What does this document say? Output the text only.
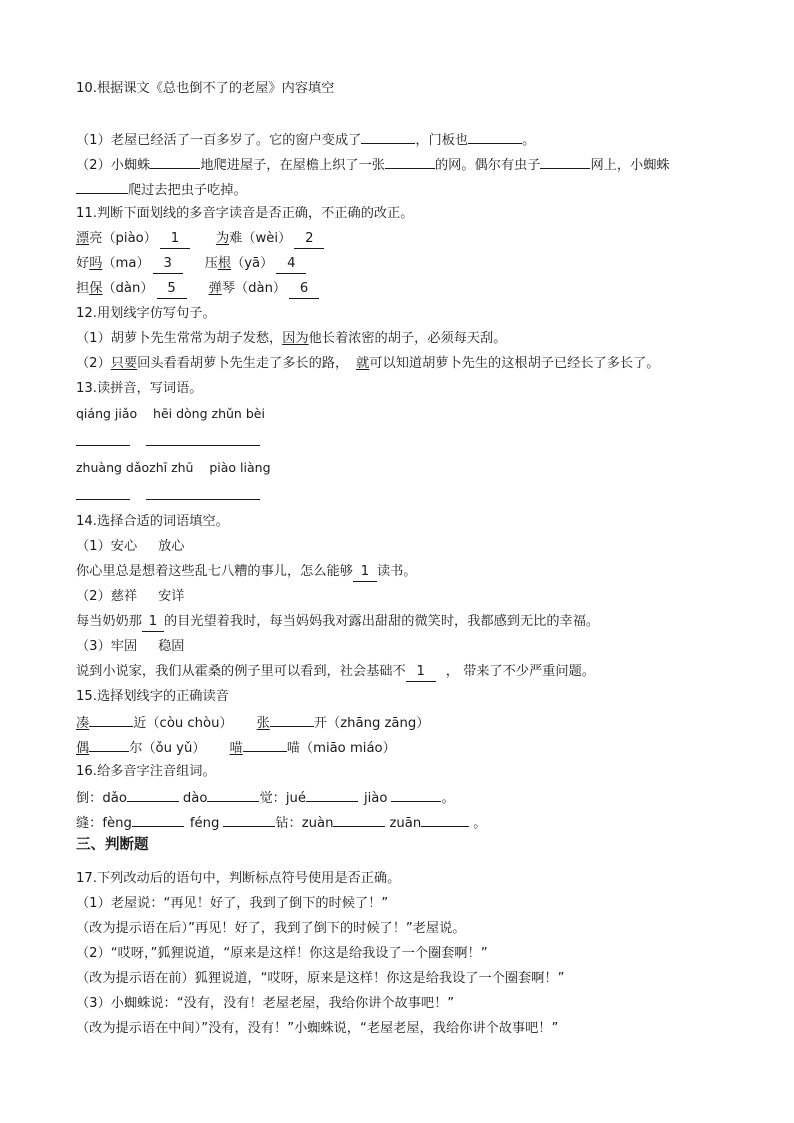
10.根据课文《总也倒不了的老屋》内容填空
（1）老屋已经活了一百多岁了。它的窗户变成了	，门板也	。
（2）小蜘蛛	地爬进屋子，在屋檐上织了一张	的网。偶尔有虫子	网上，小蜘蛛
爬过去把虫子吃掉。
11.判断下面划线的多音字读音是否正确，不正确的改正。
漂亮（piào） 1	为难（wèi） 2
好吗（ma） 3 压根（yā） 4
担保（dàn） 5 弹琴（dàn） 6
12.用划线字仿写句子。
（1）胡萝卜先生常常为胡子发愁，因为他长着浓密的胡子，必须每天刮。
（2）只要回头看看胡萝卜先生走了多长的路， 就可以知道胡萝卜先生的这根胡子已经长了多长了。
13.读拼音，写词语。
qiáng jiǎo    hēi dòng zhǔn bèi
zhuàng dǎozhī zhū    piào liàng
14.选择合适的词语填空。
（1）安心     放心
你心里总是想着这些乱七八糟的事儿，怎么能够 1 读书。
（2）慈祥     安详
每当奶奶那 1 的目光望着我时，每当妈妈我对露出甜甜的微笑时，我都感到无比的幸福。
（3）牢固     稳固
说到小说家，我们从霍桑的例子里可以看到，社会基础不 1 ， 带来了不少严重问题。
15.选择划线字的正确读音
凑	近（còu chòu） 张	开（zhāng zāng）
偶	尔（ǒu yǔ） 喵	喵（miāo miáo）
16.给多音字注音组词。
倒：dǎo	dào	觉：jué	jiào	。
缝：fèng	féng	钻：zuàn	zuān	。
三、判断题
17.下列改动后的语句中，判断标点符号使用是否正确。
（1）老屋说：“再见！好了，我到了倒下的时候了！”
（改为提示语在后）”再见！好了，我到了倒下的时候了！”老屋说。
（2）“哎呀，”狐狸说道，“原来是这样！你这是给我设了一个圈套啊！”
（改为提示语在前）狐狸说道，“哎呀，原来是这样！你这是给我设了一个圈套啊！”
（3）小蜘蛛说：“没有，没有！老屋老屋，我给你讲个故事吧！”
（改为提示语在中间）”没有，没有！”小蜘蛛说，“老屋老屋，我给你讲个故事吧！”
